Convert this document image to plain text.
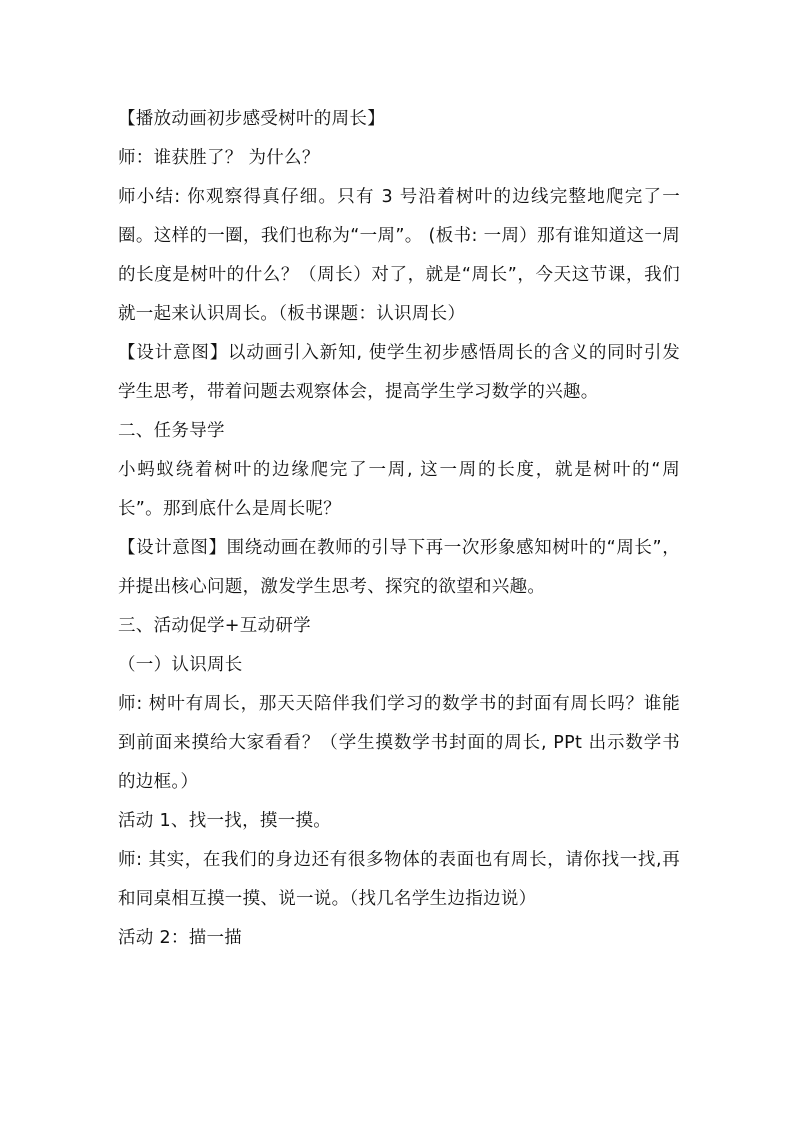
【播放动画初步感受树叶的周长】

师：谁获胜了？ 为什么？

师小结: 你观察得真仔细。只有 3 号沿着树叶的边线完整地爬完了一圈。这样的一圈，我们也称为“一周”。 (板书: 一周）那有谁知道这一周的长度是树叶的什么？（周长）对了，就是“周长”，今天这节课，我们就一起来认识周长。（板书课题：认识周长）

【设计意图】以动画引入新知, 使学生初步感悟周长的含义的同时引发学生思考，带着问题去观察体会，提高学生学习数学的兴趣。

二、任务导学

小蚂蚁绕着树叶的边缘爬完了一周, 这一周的长度，就是树叶的“周长”。那到底什么是周长呢？

【设计意图】围绕动画在教师的引导下再一次形象感知树叶的“周长”，并提出核心问题，激发学生思考、探究的欲望和兴趣。

三、活动促学+互动研学

（一）认识周长

师: 树叶有周长，那天天陪伴我们学习的数学书的封面有周长吗？谁能到前面来摸给大家看看？（学生摸数学书封面的周长, PPt 出示数学书的边框。）

活动 1、找一找，摸一摸。

师: 其实，在我们的身边还有很多物体的表面也有周长，请你找一找,再和同桌相互摸一摸、说一说。（找几名学生边指边说）

活动 2：描一描
